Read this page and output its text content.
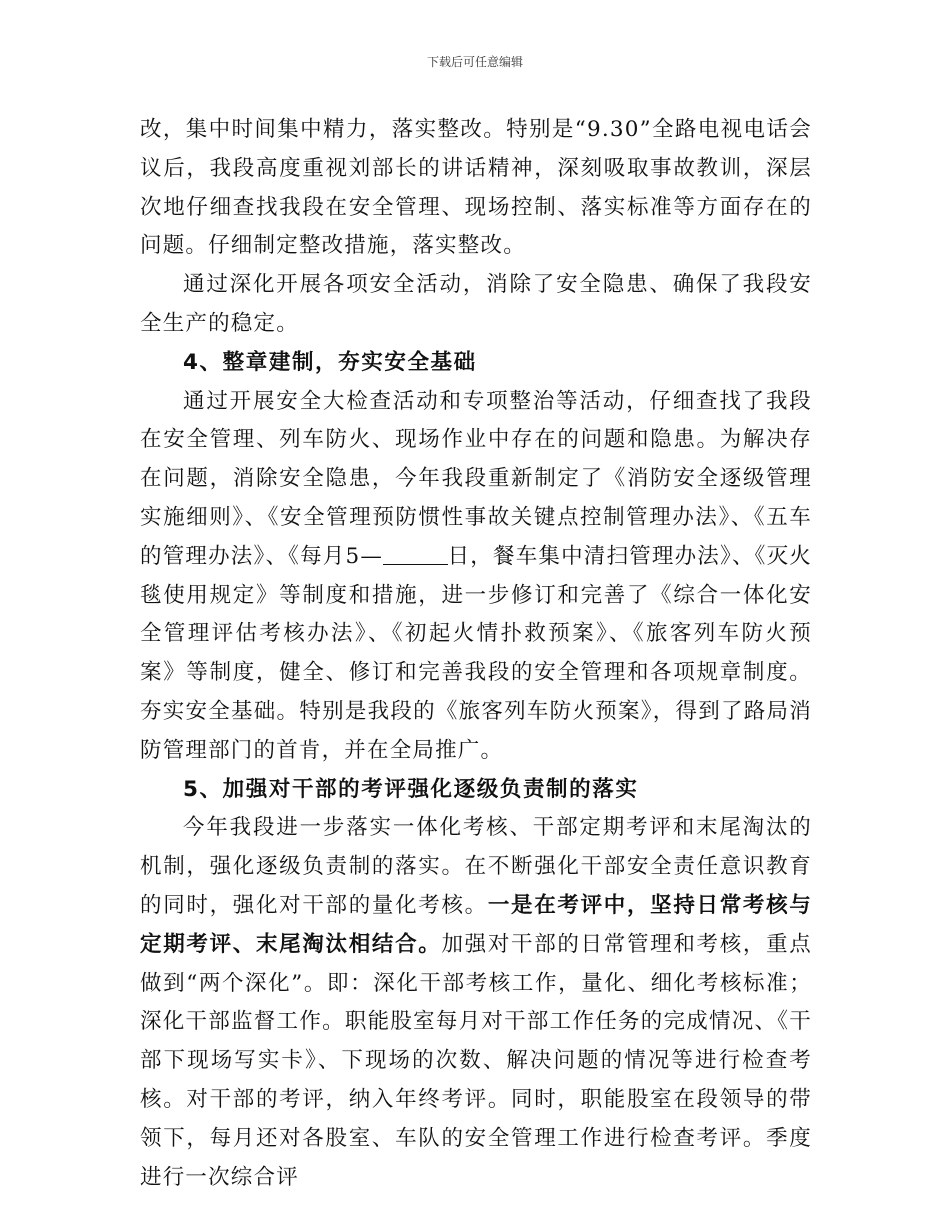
下载后可任意编辑

改，集中时间集中精力，落实整改。特别是“9.30”全路电视电话会议后，我段高度重视刘部长的讲话精神，深刻吸取事故教训，深层次地仔细查找我段在安全管理、现场控制、落实标准等方面存在的问题。仔细制定整改措施，落实整改。

通过深化开展各项安全活动，消除了安全隐患、确保了我段安全生产的稳定。

4、整章建制，夯实安全基础

通过开展安全大检查活动和专项整治等活动，仔细查找了我段在安全管理、列车防火、现场作业中存在的问题和隐患。为解决存在问题，消除安全隐患，今年我段重新制定了《消防安全逐级管理实施细则》、《安全管理预防惯性事故关键点控制管理办法》、《五车的管理办法》、《每月5—	日，餐车集中清扫管理办法》、《灭火毯使用规定》等制度和措施，进一步修订和完善了《综合一体化安全管理评估考核办法》、《初起火情扑救预案》、《旅客列车防火预案》等制度，健全、修订和完善我段的安全管理和各项规章制度。夯实安全基础。特别是我段的《旅客列车防火预案》，得到了路局消防管理部门的首肯，并在全局推广。

5、加强对干部的考评强化逐级负责制的落实

今年我段进一步落实一体化考核、干部定期考评和末尾淘汰的机制，强化逐级负责制的落实。在不断强化干部安全责任意识教育的同时，强化对干部的量化考核。一是在考评中，坚持日常考核与定期考评、末尾淘汰相结合。加强对干部的日常管理和考核，重点做到“两个深化”。即：深化干部考核工作，量化、细化考核标准；深化干部监督工作。职能股室每月对干部工作任务的完成情况、《干部下现场写实卡》、下现场的次数、解决问题的情况等进行检查考核。对干部的考评，纳入年终考评。同时，职能股室在段领导的带领下，每月还对各股室、车队的安全管理工作进行检查考评。季度进行一次综合评
